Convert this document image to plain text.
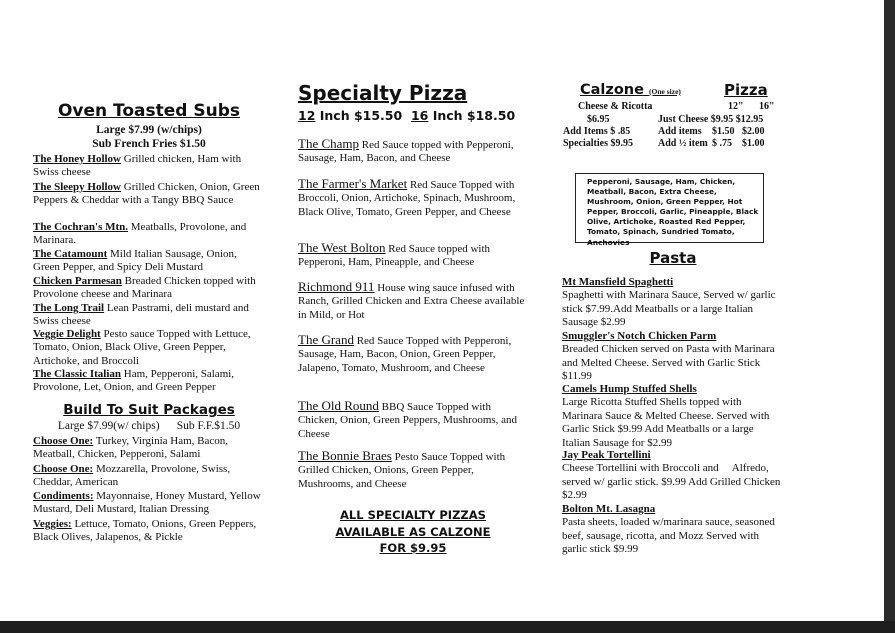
Oven Toasted Subs
Large $7.99 (w/chips)
Sub French Fries $1.50
The Honey Hollow Grilled chicken, Ham with Swiss cheese
The Sleepy Hollow Grilled Chicken, Onion, Green Peppers & Cheddar with a Tangy BBQ Sauce
The Cochran's Mtn. Meatballs, Provolone, and Marinara.
The Catamount Mild Italian Sausage, Onion, Green Pepper, and Spicy Deli Mustard
Chicken Parmesan Breaded Chicken topped with Provolone cheese and Marinara
The Long Trail Lean Pastrami, deli mustard and Swiss cheese
Veggie Delight Pesto sauce Topped with Lettuce, Tomato, Onion, Black Olive, Green Pepper, Artichoke, and Broccoli
The Classic Italian Ham, Pepperoni, Salami, Provolone, Let, Onion, and Green Pepper
Build To Suit Packages
Large $7.99(w/ chips)      Sub F.F.$1.50
Choose One: Turkey, Virginia Ham, Bacon, Meatball, Chicken, Pepperoni, Salami
Choose One: Mozzarella, Provolone, Swiss, Cheddar, American
Condiments: Mayonnaise, Honey Mustard, Yellow Mustard, Deli Mustard, Italian Dressing
Veggies: Lettuce, Tomato, Onions, Green Peppers, Black Olives, Jalapenos, & Pickle
Specialty Pizza
12 Inch $15.50 16 Inch $18.50
The Champ Red Sauce topped with Pepperoni, Sausage, Ham, Bacon, and Cheese
The Farmer's Market Red Sauce Topped with Broccoli, Onion, Artichoke, Spinach, Mushroom, Black Olive, Tomato, Green Pepper, and Cheese
The West Bolton Red Sauce topped with Pepperoni, Ham, Pineapple, and Cheese
Richmond 911 House wing sauce infused with Ranch, Grilled Chicken and Extra Cheese available in Mild, or Hot
The Grand Red Sauce Topped with Pepperoni, Sausage, Ham, Bacon, Onion, Green Pepper, Jalapeno, Tomato, Mushroom, and Cheese
The Old Round BBQ Sauce Topped with Chicken, Onion, Green Peppers, Mushrooms, and Cheese
The Bonnie Braes Pesto Sauce Topped with Grilled Chicken, Onions, Green Pepper, Mushrooms, and Cheese
ALL SPECIALTY PIZZAS
AVAILABLE AS CALZONE
FOR $9.95
Calzone (One size)	Pizza
Cheese & Ricotta	12" 16"
$6.95	Just Cheese $9.95 $12.95
Add Items $ .85	Add items $1.50 $2.00
Specialties $9.95	Add ½ item $ .75 $1.00
Pepperoni, Sausage, Ham, Chicken, Meatball, Bacon, Extra Cheese, Mushroom, Onion, Green Pepper, Hot Pepper, Broccoli, Garlic, Pineapple, Black Olive, Artichoke, Roasted Red Pepper, Tomato, Spinach, Sundried Tomato, Anchovies
Pasta
Mt Mansfield Spaghetti
Spaghetti with Marinara Sauce, Served w/ garlic stick $7.99.Add Meatballs or a large Italian Sausage $2.99
Smuggler's Notch Chicken Parm
Breaded Chicken served on Pasta with Marinara and Melted Cheese. Served with Garlic Stick $11.99
Camels Hump Stuffed Shells
Large Ricotta Stuffed Shells topped with Marinara Sauce & Melted Cheese. Served with Garlic Stick $9.99 Add Meatballs or a large Italian Sausage for $2.99
Jay Peak Tortellini
Cheese Tortellini with Broccoli and     Alfredo, served w/ garlic stick. $9.99 Add Grilled Chicken $2.99
Bolton Mt. Lasagna
Pasta sheets, loaded w/marinara sauce, seasoned beef, sausage, ricotta, and Mozz Served with garlic stick $9.99
